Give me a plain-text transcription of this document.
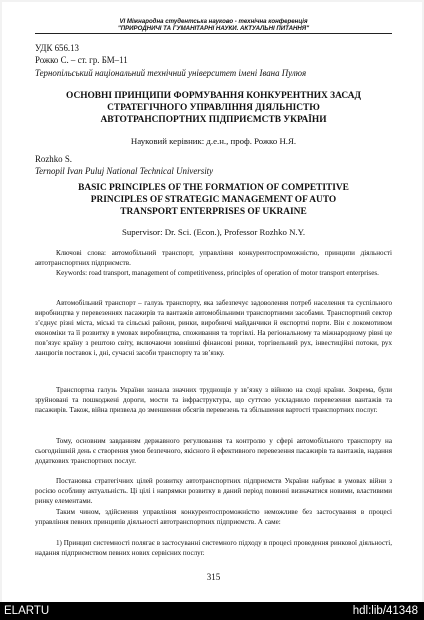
VI Міжнародна студентська науково - технічна конференція
"ПРИРОДНИЧІ ТА ГУМАНІТАРНІ НАУКИ. АКТУАЛЬНІ ПИТАННЯ"
УДК 656.13
Рожко С. – ст. гр. БМ–11
Тернопільський національний технічний університет імені Івана Пулюя
ОСНОВНІ ПРИНЦИПИ ФОРМУВАННЯ КОНКУРЕНТНИХ ЗАСАД
СТРАТЕГІЧНОГО УПРАВЛІННЯ ДІЯЛЬНІСТЮ
АВТОТРАНСПОРТНИХ ПІДПРИЄМСТВ УКРАЇНИ
Науковий керівник: д.е.н., проф. Рожко Н.Я.
Rozhko S.
Ternopil Ivan Puluj National Technical University
BASIC PRINCIPLES OF THE FORMATION OF COMPETITIVE
PRINCIPLES OF STRATEGIC MANAGEMENT OF AUTO
TRANSPORT ENTERPRISES OF UKRAINE
Supervisor: Dr. Sci. (Econ.), Professor Rozhko N.Y.
Ключові слова: автомобільний транспорт, управління конкурентоспроможністю, принципи діяльності автотранспортних підприємств.
Keywords: road transport, management of competitiveness, principles of operation of motor transport enterprises.
Автомобільний транспорт – галузь транспорту, яка забезпечує задоволення потреб населення та суспільного виробництва у перевезеннях пасажирів та вантажів автомобільними транспортними засобами. Транспортний сектор з’єднує різні міста, міські та сільські райони, ринки, виробничі майданчики й експортні порти. Він є локомотивом економіки та її розвитку в умовах виробництва, споживання та торгівлі. На регіональному та міжнародному рівні це пов’язує країну з рештою світу, включаючи зовнішні фінансові ринки, торгівельний рух, інвестиційні потоки, рух ланцюгів поставок і, дні, сучасні засоби транспорту та зв’язку.
Транспортна галузь України зазнала значних труднощів у зв’язку з війною на сході країни. Зокрема, були зруйновані та пошкоджені дороги, мости та інфраструктура, що суттєво ускладнило перевезення вантажів та пасажирів. Також, війна призвела до зменшення обсягів перевезень та збільшення вартості транспортних послуг.
Тому, основним завданням державного регулювання та контролю у сфері автомобільного транспорту на сьогоднішній день є створення умов безпечного, якісного й ефективного перевезення пасажирів та вантажів, надання додаткових транспортних послуг.
Постановка стратегічних цілей розвитку автотранспортних підприємств України набуває в умовах війни з росією особливу актуальність. Ці цілі і напрямки розвитку в даний період повинні визначатися новими, властивими ринку елементами.
Таким чином, здійснення управління конкурентоспроможністю неможливе без застосування в процесі управління певних принципів діяльності автотранспортних підприємств. А саме:
1) Принцип системності полягає в застосуванні системного підходу в процесі проведення ринкової діяльності, надання підприємством певних нових сервісних послуг.
315
ELARTU	hdl:lib/41348
